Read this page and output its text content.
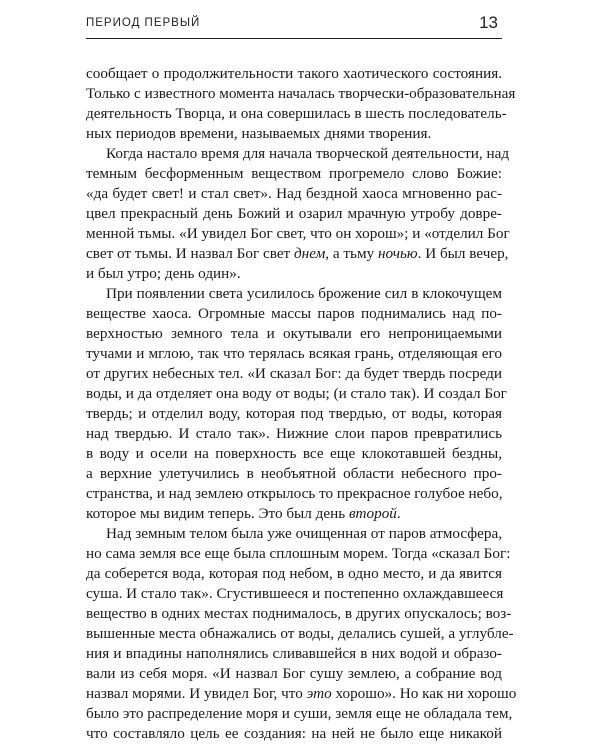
ПЕРИОД ПЕРВЫЙ	13
сообщает о продолжительности такого хаотического состояния.
Только с известного момента началась творчески-образовательная
деятельность Творца, и она совершилась в шесть последователь-
ных периодов времени, называемых днями творения.
Когда настало время для начала творческой деятельности, над
темным бесформенным веществом прогремело слово Божие:
«да будет свет! и стал свет». Над бездной хаоса мгновенно рас-
цвел прекрасный день Божий и озарил мрачную утробу довре-
менной тьмы. «И увидел Бог свет, что он хорош»; и «отделил Бог
свет от тьмы. И назвал Бог свет днем, а тьму ночью. И был вечер,
и был утро; день один».
При появлении света усилилось брожение сил в клокочущем
веществе хаоса. Огромные массы паров поднимались над по-
верхностью земного тела и окутывали его непроницаемыми
тучами и мглою, так что терялась всякая грань, отделяющая его
от других небесных тел. «И сказал Бог: да будет твердь посреди
воды, и да отделяет она воду от воды; (и стало так). И создал Бог
твердь; и отделил воду, которая под твердью, от воды, которая
над твердью. И стало так». Нижние слои паров превратились
в воду и осели на поверхность все еще клокотавшей бездны,
а верхние улетучились в необъятной области небесного про-
странства, и над землею открылось то прекрасное голубое небо,
которое мы видим теперь. Это был день второй.
Над земным телом была уже очищенная от паров атмосфера,
но сама земля все еще была сплошным морем. Тогда «сказал Бог:
да соберется вода, которая под небом, в одно место, и да явится
суша. И стало так». Сгустившееся и постепенно охлаждавшееся
вещество в одних местах поднималось, в других опускалось; воз-
вышенные места обнажались от воды, делались сушей, а углубле-
ния и впадины наполнялись сливавшейся в них водой и образо-
вали из себя моря. «И назвал Бог сушу землею, а собрание вод
назвал морями. И увидел Бог, что это хорошо». Но как ни хорошо
было это распределение моря и суши, земля еще не обладала тем,
что составляло цель ее создания: на ней не было еще никакой
